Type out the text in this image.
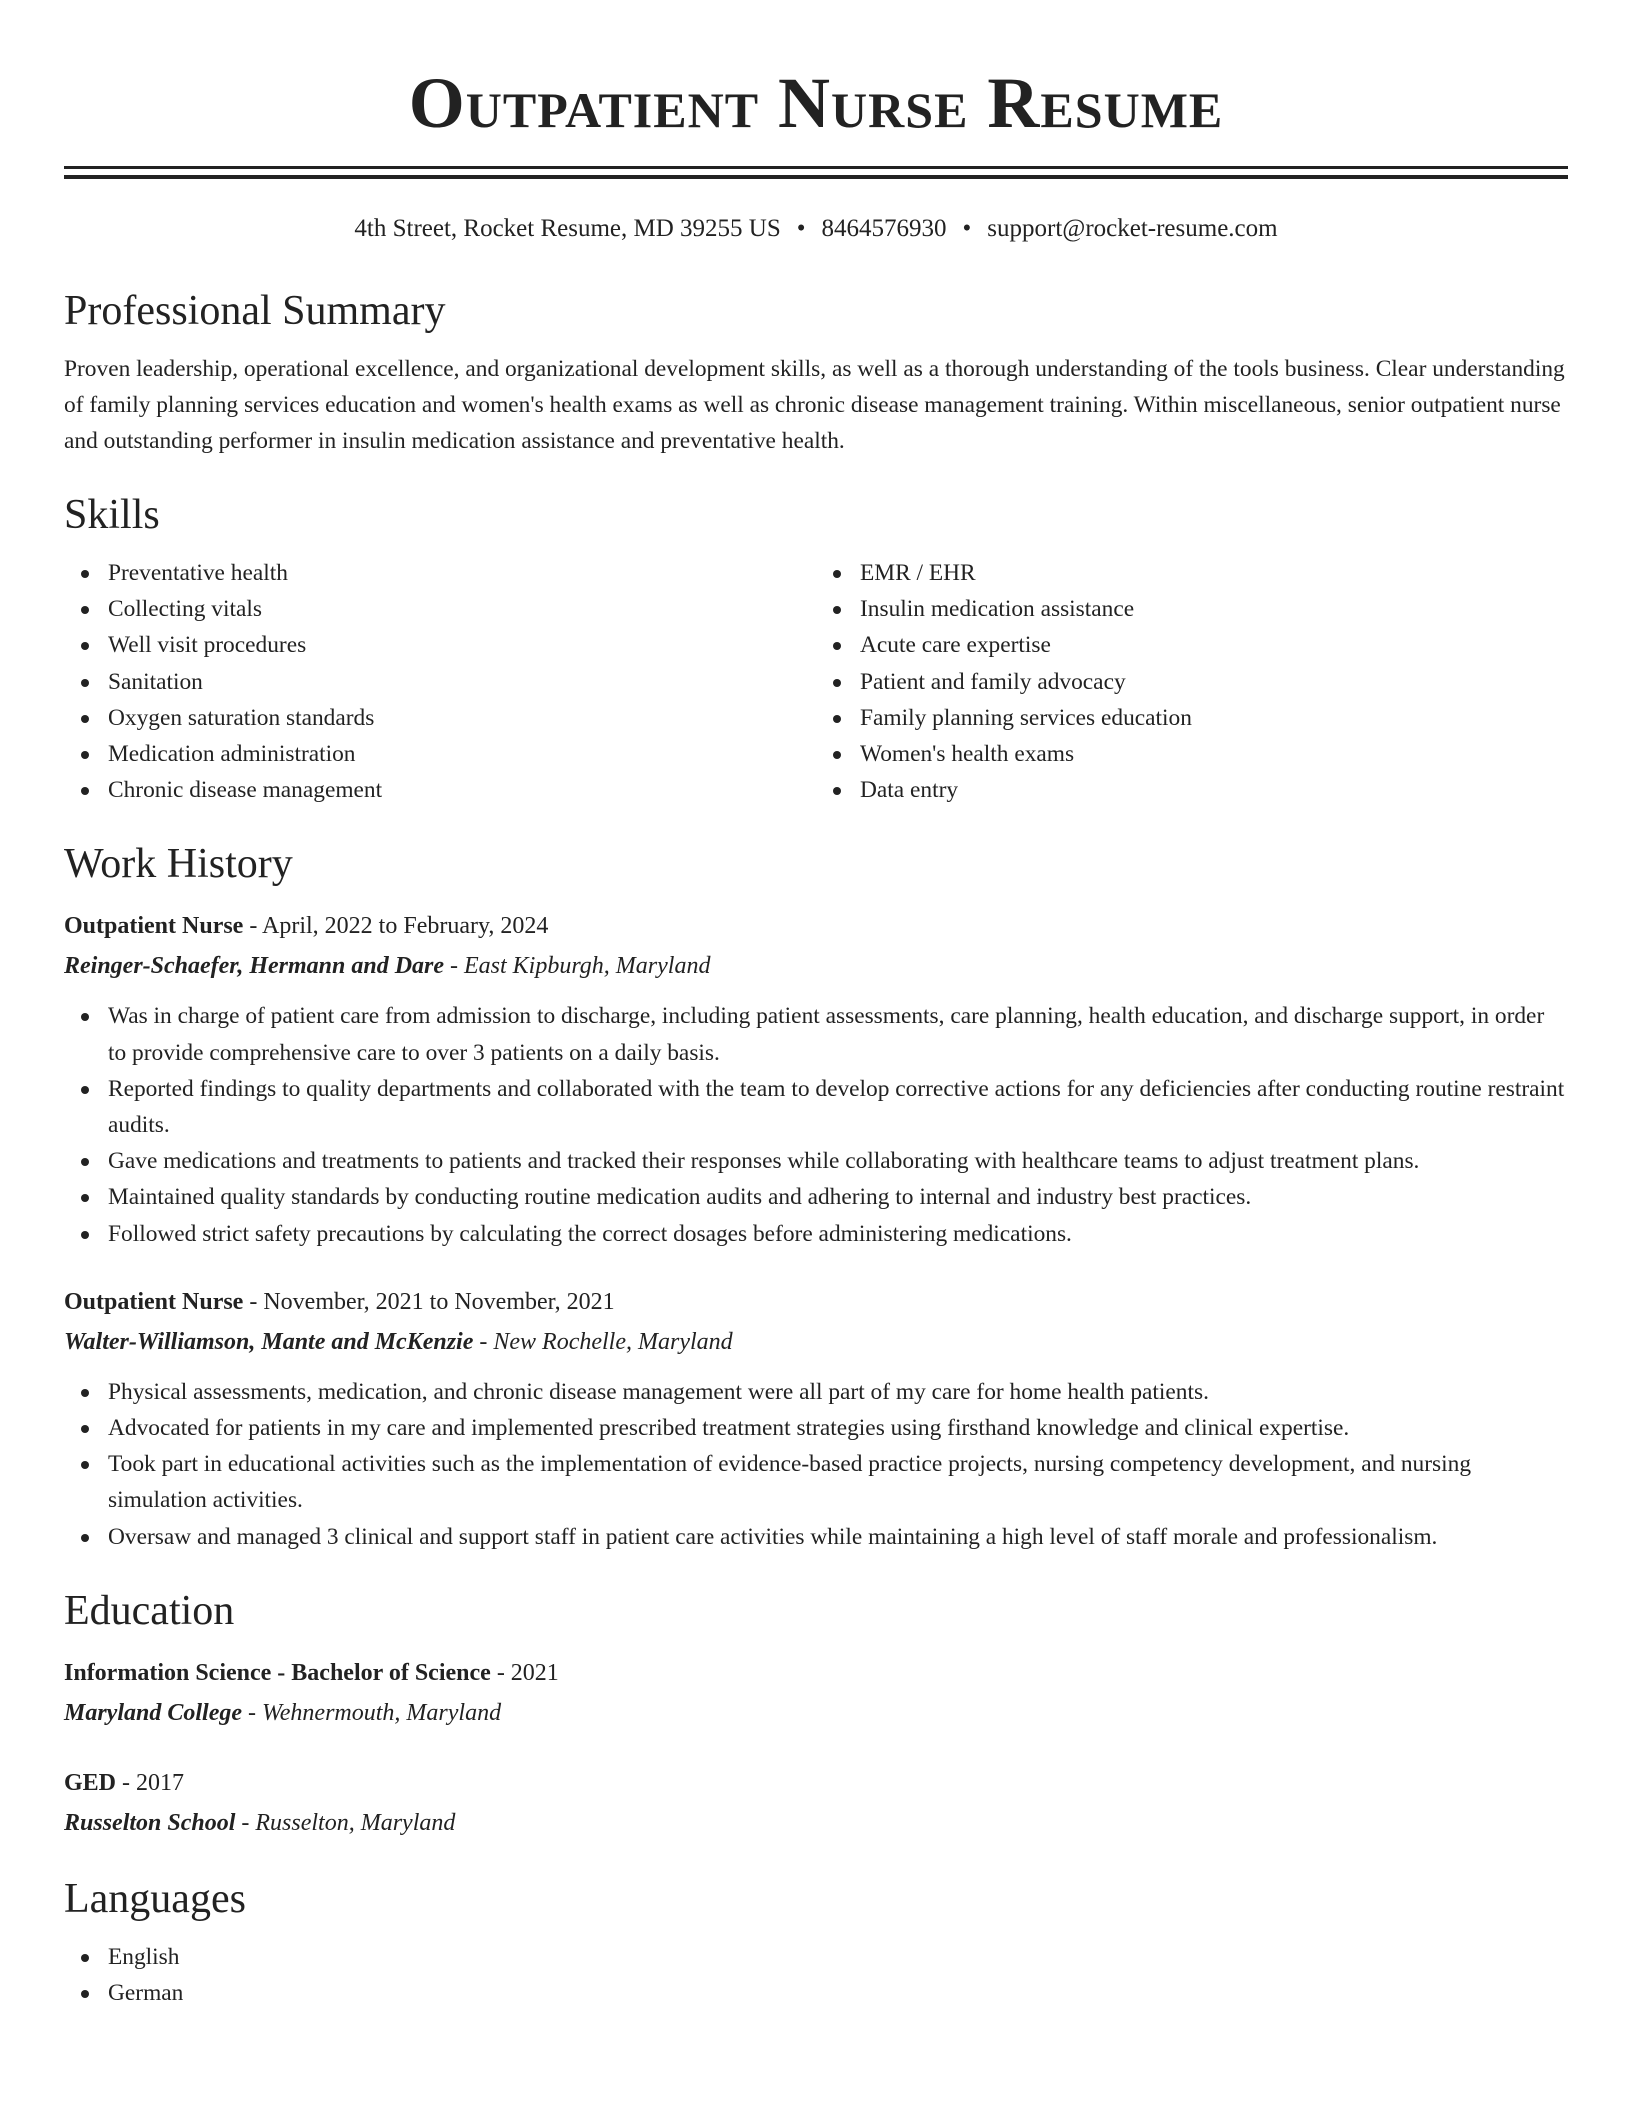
Outpatient Nurse Resume
4th Street, Rocket Resume, MD 39255 US • 8464576930 • support@rocket-resume.com
Professional Summary
Proven leadership, operational excellence, and organizational development skills, as well as a thorough understanding of the tools business. Clear understanding of family planning services education and women's health exams as well as chronic disease management training. Within miscellaneous, senior outpatient nurse and outstanding performer in insulin medication assistance and preventative health.
Skills
Preventative health
Collecting vitals
Well visit procedures
Sanitation
Oxygen saturation standards
Medication administration
Chronic disease management
EMR / EHR
Insulin medication assistance
Acute care expertise
Patient and family advocacy
Family planning services education
Women's health exams
Data entry
Work History
Outpatient Nurse - April, 2022 to February, 2024
Reinger-Schaefer, Hermann and Dare - East Kipburgh, Maryland
Was in charge of patient care from admission to discharge, including patient assessments, care planning, health education, and discharge support, in order to provide comprehensive care to over 3 patients on a daily basis.
Reported findings to quality departments and collaborated with the team to develop corrective actions for any deficiencies after conducting routine restraint audits.
Gave medications and treatments to patients and tracked their responses while collaborating with healthcare teams to adjust treatment plans.
Maintained quality standards by conducting routine medication audits and adhering to internal and industry best practices.
Followed strict safety precautions by calculating the correct dosages before administering medications.
Outpatient Nurse - November, 2021 to November, 2021
Walter-Williamson, Mante and McKenzie - New Rochelle, Maryland
Physical assessments, medication, and chronic disease management were all part of my care for home health patients.
Advocated for patients in my care and implemented prescribed treatment strategies using firsthand knowledge and clinical expertise.
Took part in educational activities such as the implementation of evidence-based practice projects, nursing competency development, and nursing simulation activities.
Oversaw and managed 3 clinical and support staff in patient care activities while maintaining a high level of staff morale and professionalism.
Education
Information Science - Bachelor of Science - 2021
Maryland College - Wehnermouth, Maryland
GED - 2017
Russelton School - Russelton, Maryland
Languages
English
German
